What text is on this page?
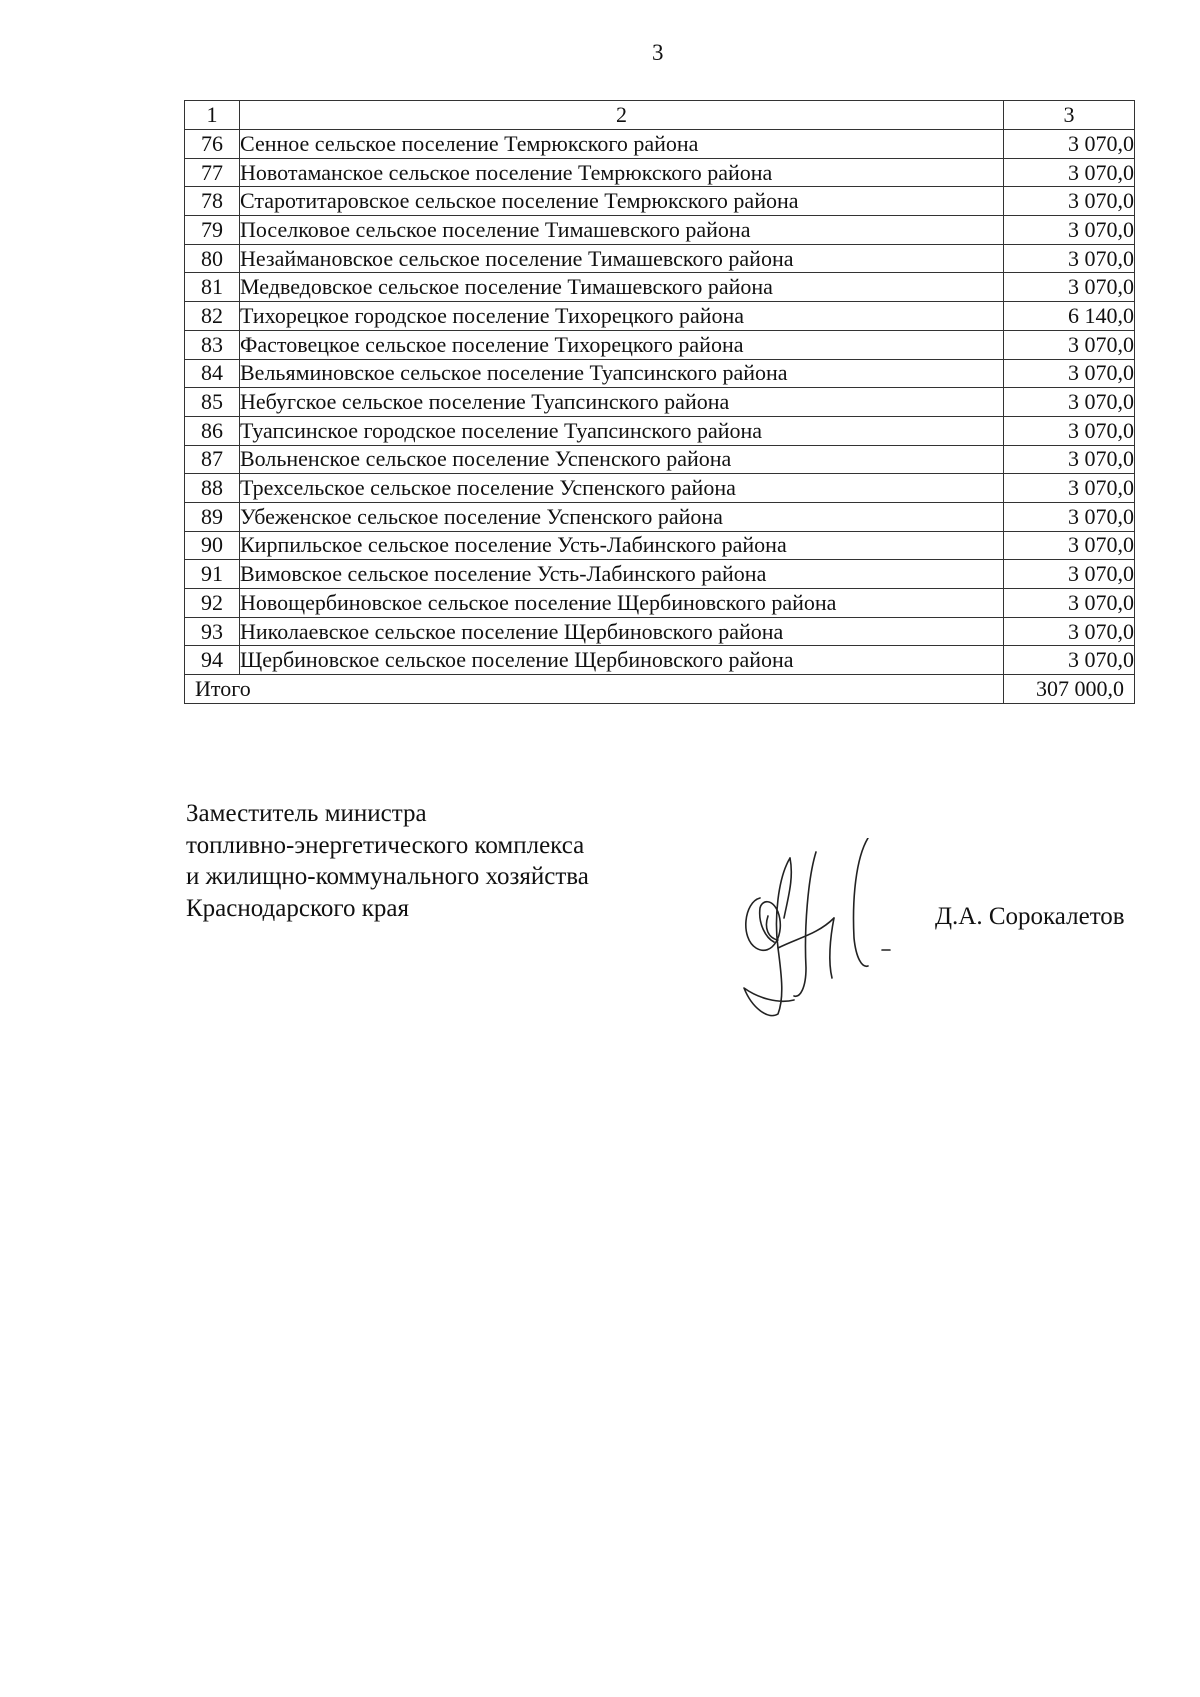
3
1	2	3
76	Сенное сельское поселение Темрюкского района	3 070,0
77	Новотаманское сельское поселение Темрюкского района	3 070,0
78	Старотитаровское сельское поселение Темрюкского района	3 070,0
79	Поселковое сельское поселение Тимашевского района	3 070,0
80	Незаймановское сельское поселение Тимашевского района	3 070,0
81	Медведовское сельское поселение Тимашевского района	3 070,0
82	Тихорецкое городское поселение Тихорецкого района	6 140,0
83	Фастовецкое сельское поселение Тихорецкого района	3 070,0
84	Вельяминовское сельское поселение Туапсинского района	3 070,0
85	Небугское сельское поселение Туапсинского района	3 070,0
86	Туапсинское городское поселение Туапсинского района	3 070,0
87	Вольненское сельское поселение Успенского района	3 070,0
88	Трехсельское сельское поселение Успенского района	3 070,0
89	Убеженское сельское поселение Успенского района	3 070,0
90	Кирпильское сельское поселение Усть-Лабинского района	3 070,0
91	Вимовское сельское поселение Усть-Лабинского района	3 070,0
92	Новощербиновское сельское поселение Щербиновского района	3 070,0
93	Николаевское сельское поселение Щербиновского района	3 070,0
94	Щербиновское сельское поселение Щербиновского района	3 070,0
Итого		307 000,0
Заместитель министра
топливно-энергетического комплекса
и жилищно-коммунального хозяйства
Краснодарского края	Д.А. Сорокалетов
